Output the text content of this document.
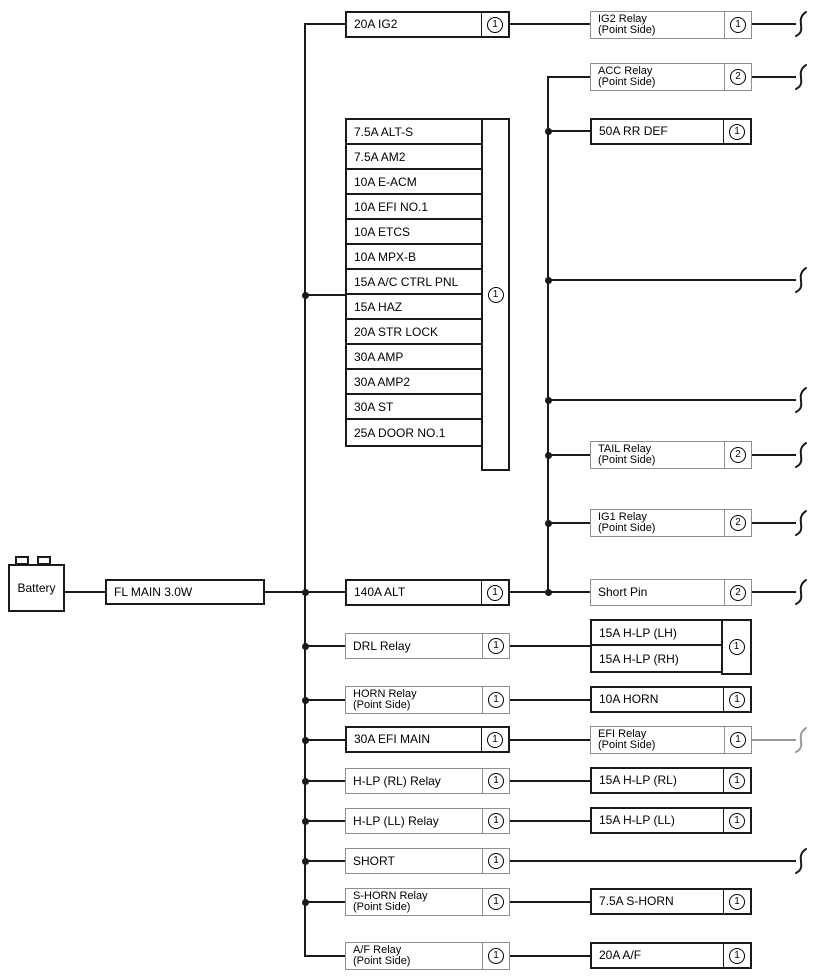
Battery	FL MAIN 3.0W
20A IG2	1
7.5A ALT-S
7.5A AM2
10A E-ACM
10A EFI NO.1
10A ETCS
10A MPX-B
15A A/C CTRL PNL
15A HAZ
20A STR LOCK
30A AMP
30A AMP2
30A ST
25A DOOR NO.1
1
140A ALT	1
DRL Relay	1
HORN Relay
(Point Side)	1
30A EFI MAIN	1
H-LP (RL) Relay	1
H-LP (LL) Relay	1
SHORT	1
S-HORN Relay
(Point Side)	1
A/F Relay
(Point Side)	1
IG2 Relay
(Point Side)	1
ACC Relay
(Point Side)	2
50A RR DEF	1
TAIL Relay
(Point Side)	2
IG1 Relay
(Point Side)	2
Short Pin	2
15A H-LP (LH)
15A H-LP (RH)
1
10A HORN	1
EFI Relay
(Point Side)	1
15A H-LP (RL)	1
15A H-LP (LL)	1
7.5A S-HORN	1
20A A/F	1
